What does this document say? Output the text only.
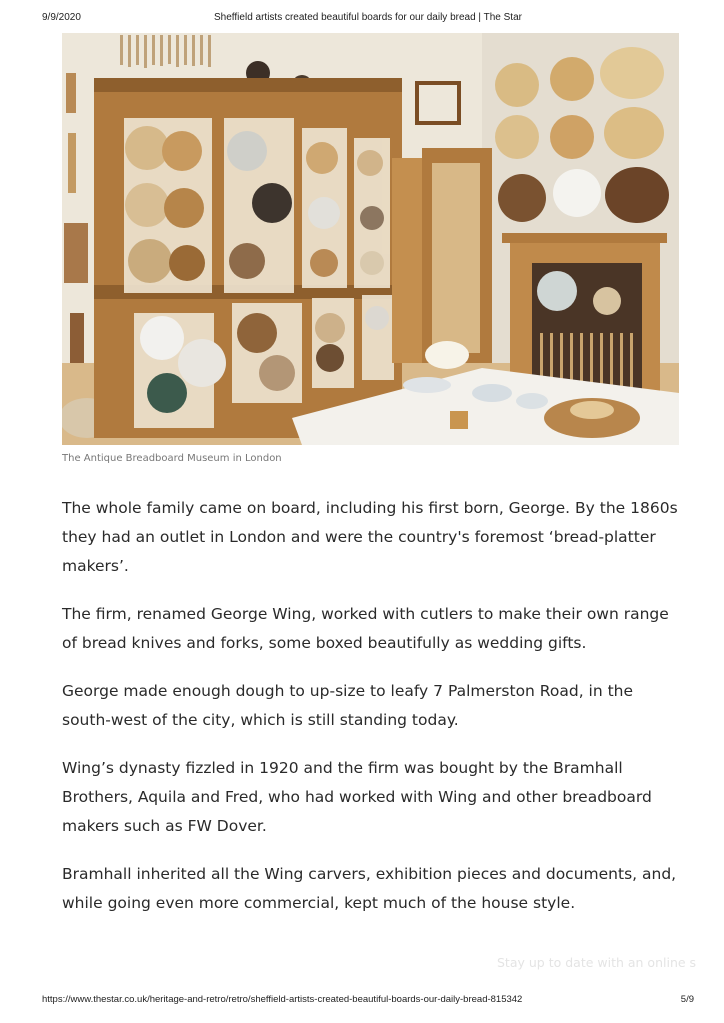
9/9/2020	Sheffield artists created beautiful boards for our daily bread | The Star
The Antique Breadboard Museum in London

The whole family came on board, including his first born, George. By the 1860s they had an outlet in London and were the country's foremost ‘bread-platter makers’.

The firm, renamed George Wing, worked with cutlers to make their own range of bread knives and forks, some boxed beautifully as wedding gifts.

George made enough dough to up-size to leafy 7 Palmerston Road, in the south-west of the city, which is still standing today.

Wing’s dynasty fizzled in 1920 and the firm was bought by the Bramhall Brothers, Aquila and Fred, who had worked with Wing and other breadboard makers such as FW Dover.

Bramhall inherited all the Wing carvers, exhibition pieces and documents, and, while going even more commercial, kept much of the house style.

Stay up to date with an online s
https://www.thestar.co.uk/heritage-and-retro/retro/sheffield-artists-created-beautiful-boards-our-daily-bread-815342	5/9
